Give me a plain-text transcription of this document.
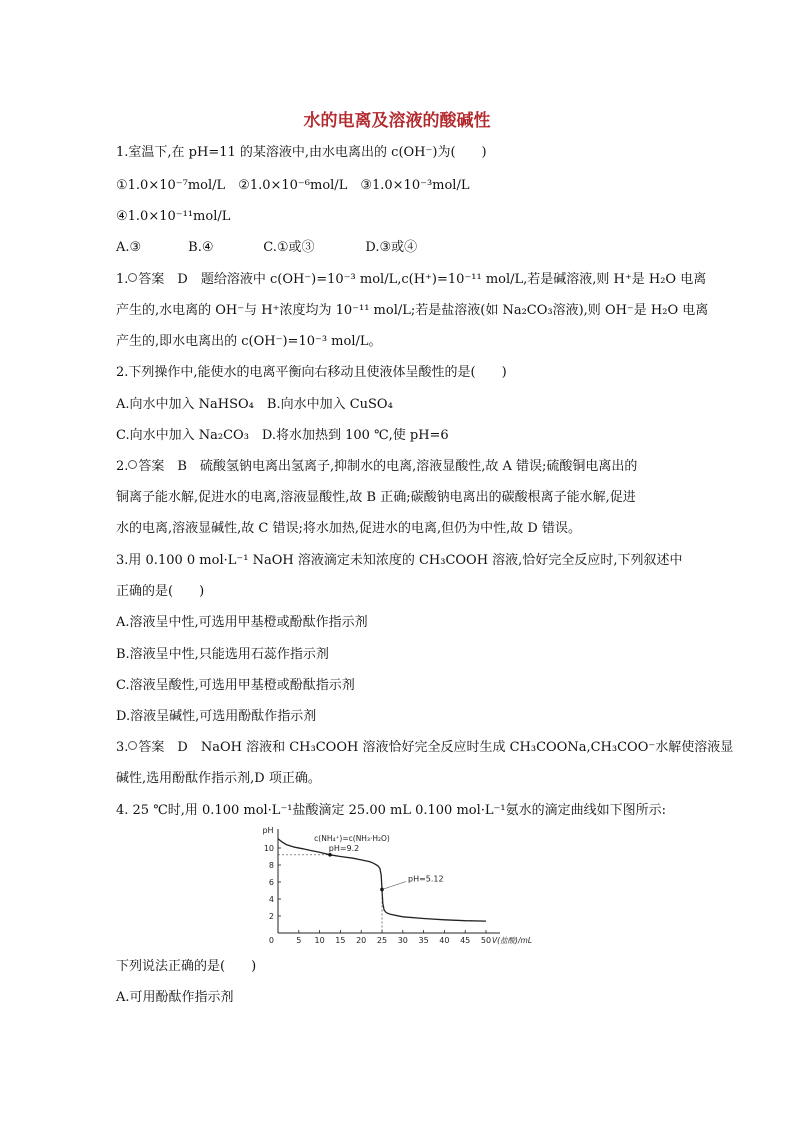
水的电离及溶液的酸碱性
1.室温下,在 pH=11 的某溶液中,由水电离出的 c(OH⁻)为(　　)
①1.0×10⁻⁷mol/L　②1.0×10⁻⁶mol/L　③1.0×10⁻³mol/L
④1.0×10⁻¹¹mol/L
A.③	B.④	C.①或③	D.③或④
1. 答案　D　题给溶液中 c(OH⁻)=10⁻³ mol/L,c(H⁺)=10⁻¹¹ mol/L,若是碱溶液,则 H⁺是 H₂O 电离
产生的,水电离的 OH⁻与 H⁺浓度均为 10⁻¹¹ mol/L;若是盐溶液(如 Na₂CO₃溶液),则 OH⁻是 H₂O 电离
产生的,即水电离出的 c(OH⁻)=10⁻³ mol/L。
2.下列操作中,能使水的电离平衡向右移动且使液体呈酸性的是(　　)
A.向水中加入 NaHSO₄　B.向水中加入 CuSO₄
C.向水中加入 Na₂CO₃　D.将水加热到 100 ℃,使 pH=6
2. 答案　B　硫酸氢钠电离出氢离子,抑制水的电离,溶液显酸性,故 A 错误;硫酸铜电离出的
铜离子能水解,促进水的电离,溶液显酸性,故 B 正确;碳酸钠电离出的碳酸根离子能水解,促进
水的电离,溶液显碱性,故 C 错误;将水加热,促进水的电离,但仍为中性,故 D 错误。
3.用 0.100 0 mol·L⁻¹ NaOH 溶液滴定未知浓度的 CH₃COOH 溶液,恰好完全反应时,下列叙述中
正确的是(　　)
A.溶液呈中性,可选用甲基橙或酚酞作指示剂
B.溶液呈中性,只能选用石蕊作指示剂
C.溶液呈酸性,可选用甲基橙或酚酞指示剂
D.溶液呈碱性,可选用酚酞作指示剂
3. 答案　D　NaOH 溶液和 CH₃COOH 溶液恰好完全反应时生成 CH₃COONa,CH₃COO⁻水解使溶液显
碱性,选用酚酞作指示剂,D 项正确。
4. 25 ℃时,用 0.100 mol·L⁻¹盐酸滴定 25.00 mL 0.100 mol·L⁻¹氨水的滴定曲线如下图所示:
2
4
6
8
10
5 10 15 20 25 30 35 40 45 50
0
pH
V(盐酸)/mL
pH=9.2
c(NH₄⁺)=c(NH₃·H₂O)
pH=5.12
下列说法正确的是(　　)
A.可用酚酞作指示剂
